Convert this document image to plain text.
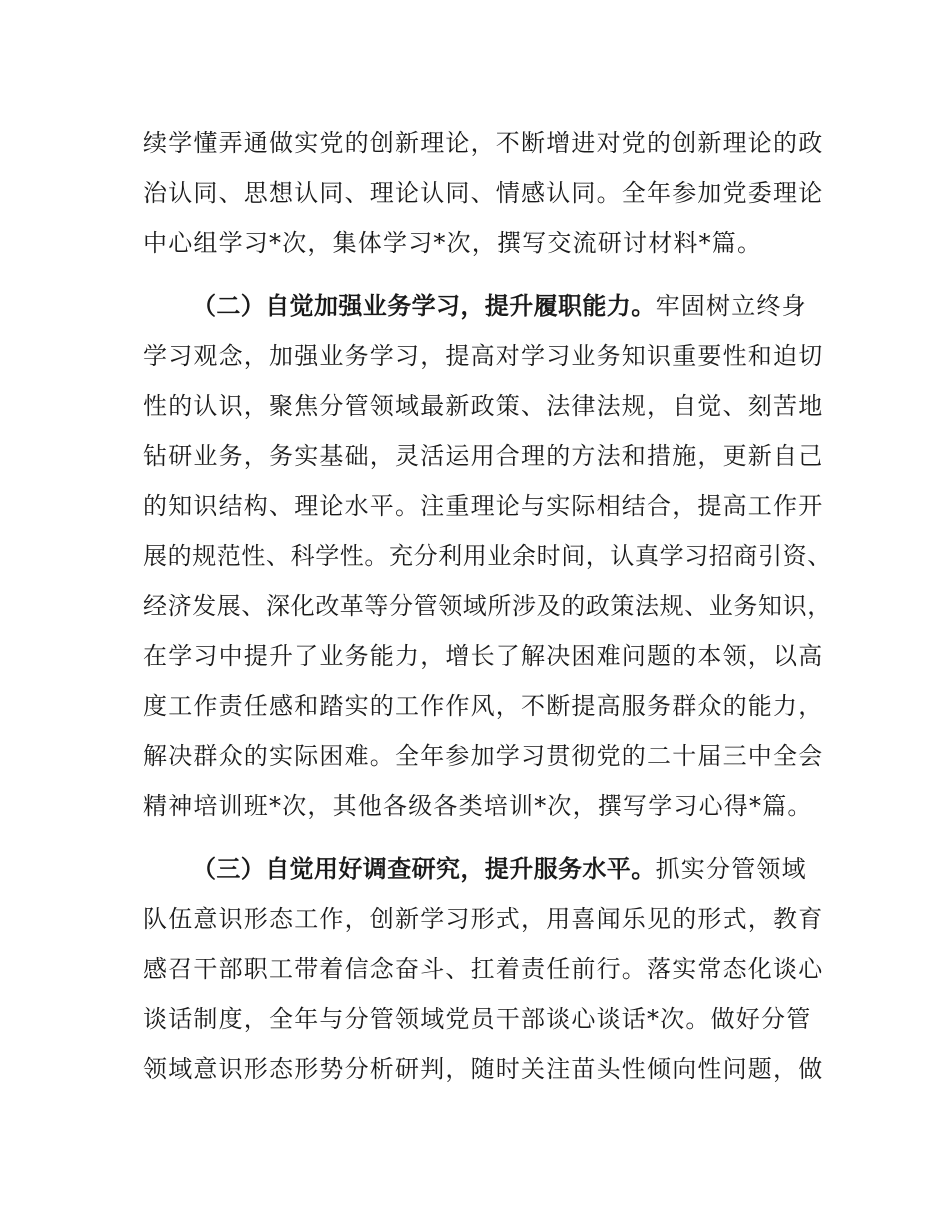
续学懂弄通做实党的创新理论，不断增进对党的创新理论的政
治认同、思想认同、理论认同、情感认同。全年参加党委理论
中心组学习*次，集体学习*次，撰写交流研讨材料*篇。
（二）自觉加强业务学习，提升履职能力。牢固树立终身
学习观念，加强业务学习，提高对学习业务知识重要性和迫切
性的认识，聚焦分管领域最新政策、法律法规，自觉、刻苦地
钻研业务，务实基础，灵活运用合理的方法和措施，更新自己
的知识结构、理论水平。注重理论与实际相结合，提高工作开
展的规范性、科学性。充分利用业余时间，认真学习招商引资、
经济发展、深化改革等分管领域所涉及的政策法规、业务知识，
在学习中提升了业务能力，增长了解决困难问题的本领，以高
度工作责任感和踏实的工作作风，不断提高服务群众的能力，
解决群众的实际困难。全年参加学习贯彻党的二十届三中全会
精神培训班*次，其他各级各类培训*次，撰写学习心得*篇。
（三）自觉用好调查研究，提升服务水平。抓实分管领域
队伍意识形态工作，创新学习形式，用喜闻乐见的形式，教育
感召干部职工带着信念奋斗、扛着责任前行。落实常态化谈心
谈话制度，全年与分管领域党员干部谈心谈话*次。做好分管
领域意识形态形势分析研判，随时关注苗头性倾向性问题，做
